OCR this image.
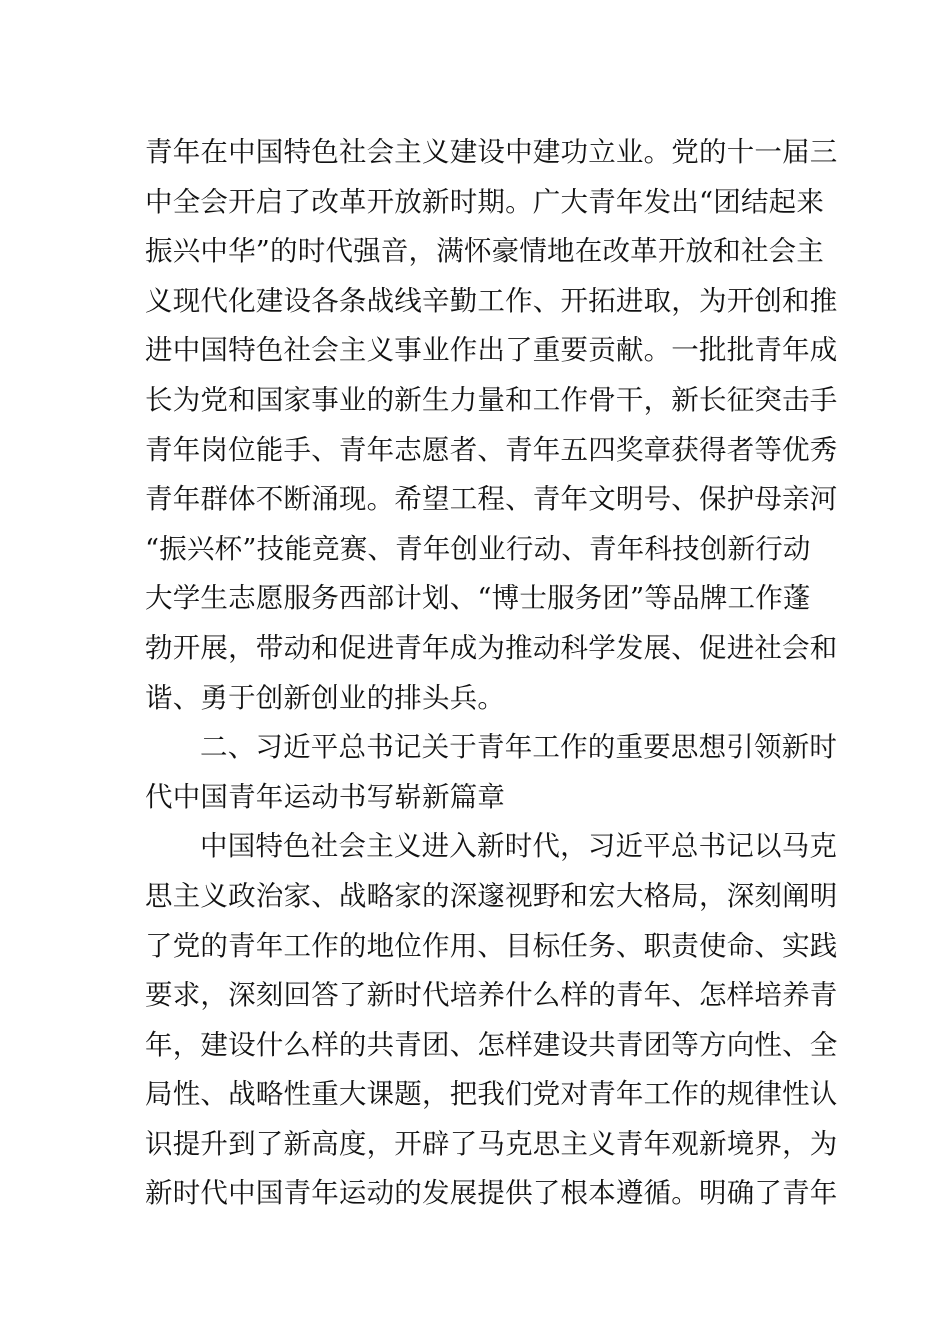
青年在中国特色社会主义建设中建功立业。党的十一届三
中全会开启了改革开放新时期。广大青年发出“团结起来
振兴中华”的时代强音，满怀豪情地在改革开放和社会主
义现代化建设各条战线辛勤工作、开拓进取，为开创和推
进中国特色社会主义事业作出了重要贡献。一批批青年成
长为党和国家事业的新生力量和工作骨干，新长征突击手
青年岗位能手、青年志愿者、青年五四奖章获得者等优秀
青年群体不断涌现。希望工程、青年文明号、保护母亲河
“振兴杯”技能竞赛、青年创业行动、青年科技创新行动
大学生志愿服务西部计划、“博士服务团”等品牌工作蓬
勃开展，带动和促进青年成为推动科学发展、促进社会和
谐、勇于创新创业的排头兵。
二、习近平总书记关于青年工作的重要思想引领新时
代中国青年运动书写崭新篇章
中国特色社会主义进入新时代，习近平总书记以马克
思主义政治家、战略家的深邃视野和宏大格局，深刻阐明
了党的青年工作的地位作用、目标任务、职责使命、实践
要求，深刻回答了新时代培养什么样的青年、怎样培养青
年，建设什么样的共青团、怎样建设共青团等方向性、全
局性、战略性重大课题，把我们党对青年工作的规律性认
识提升到了新高度，开辟了马克思主义青年观新境界，为
新时代中国青年运动的发展提供了根本遵循。明确了青年
